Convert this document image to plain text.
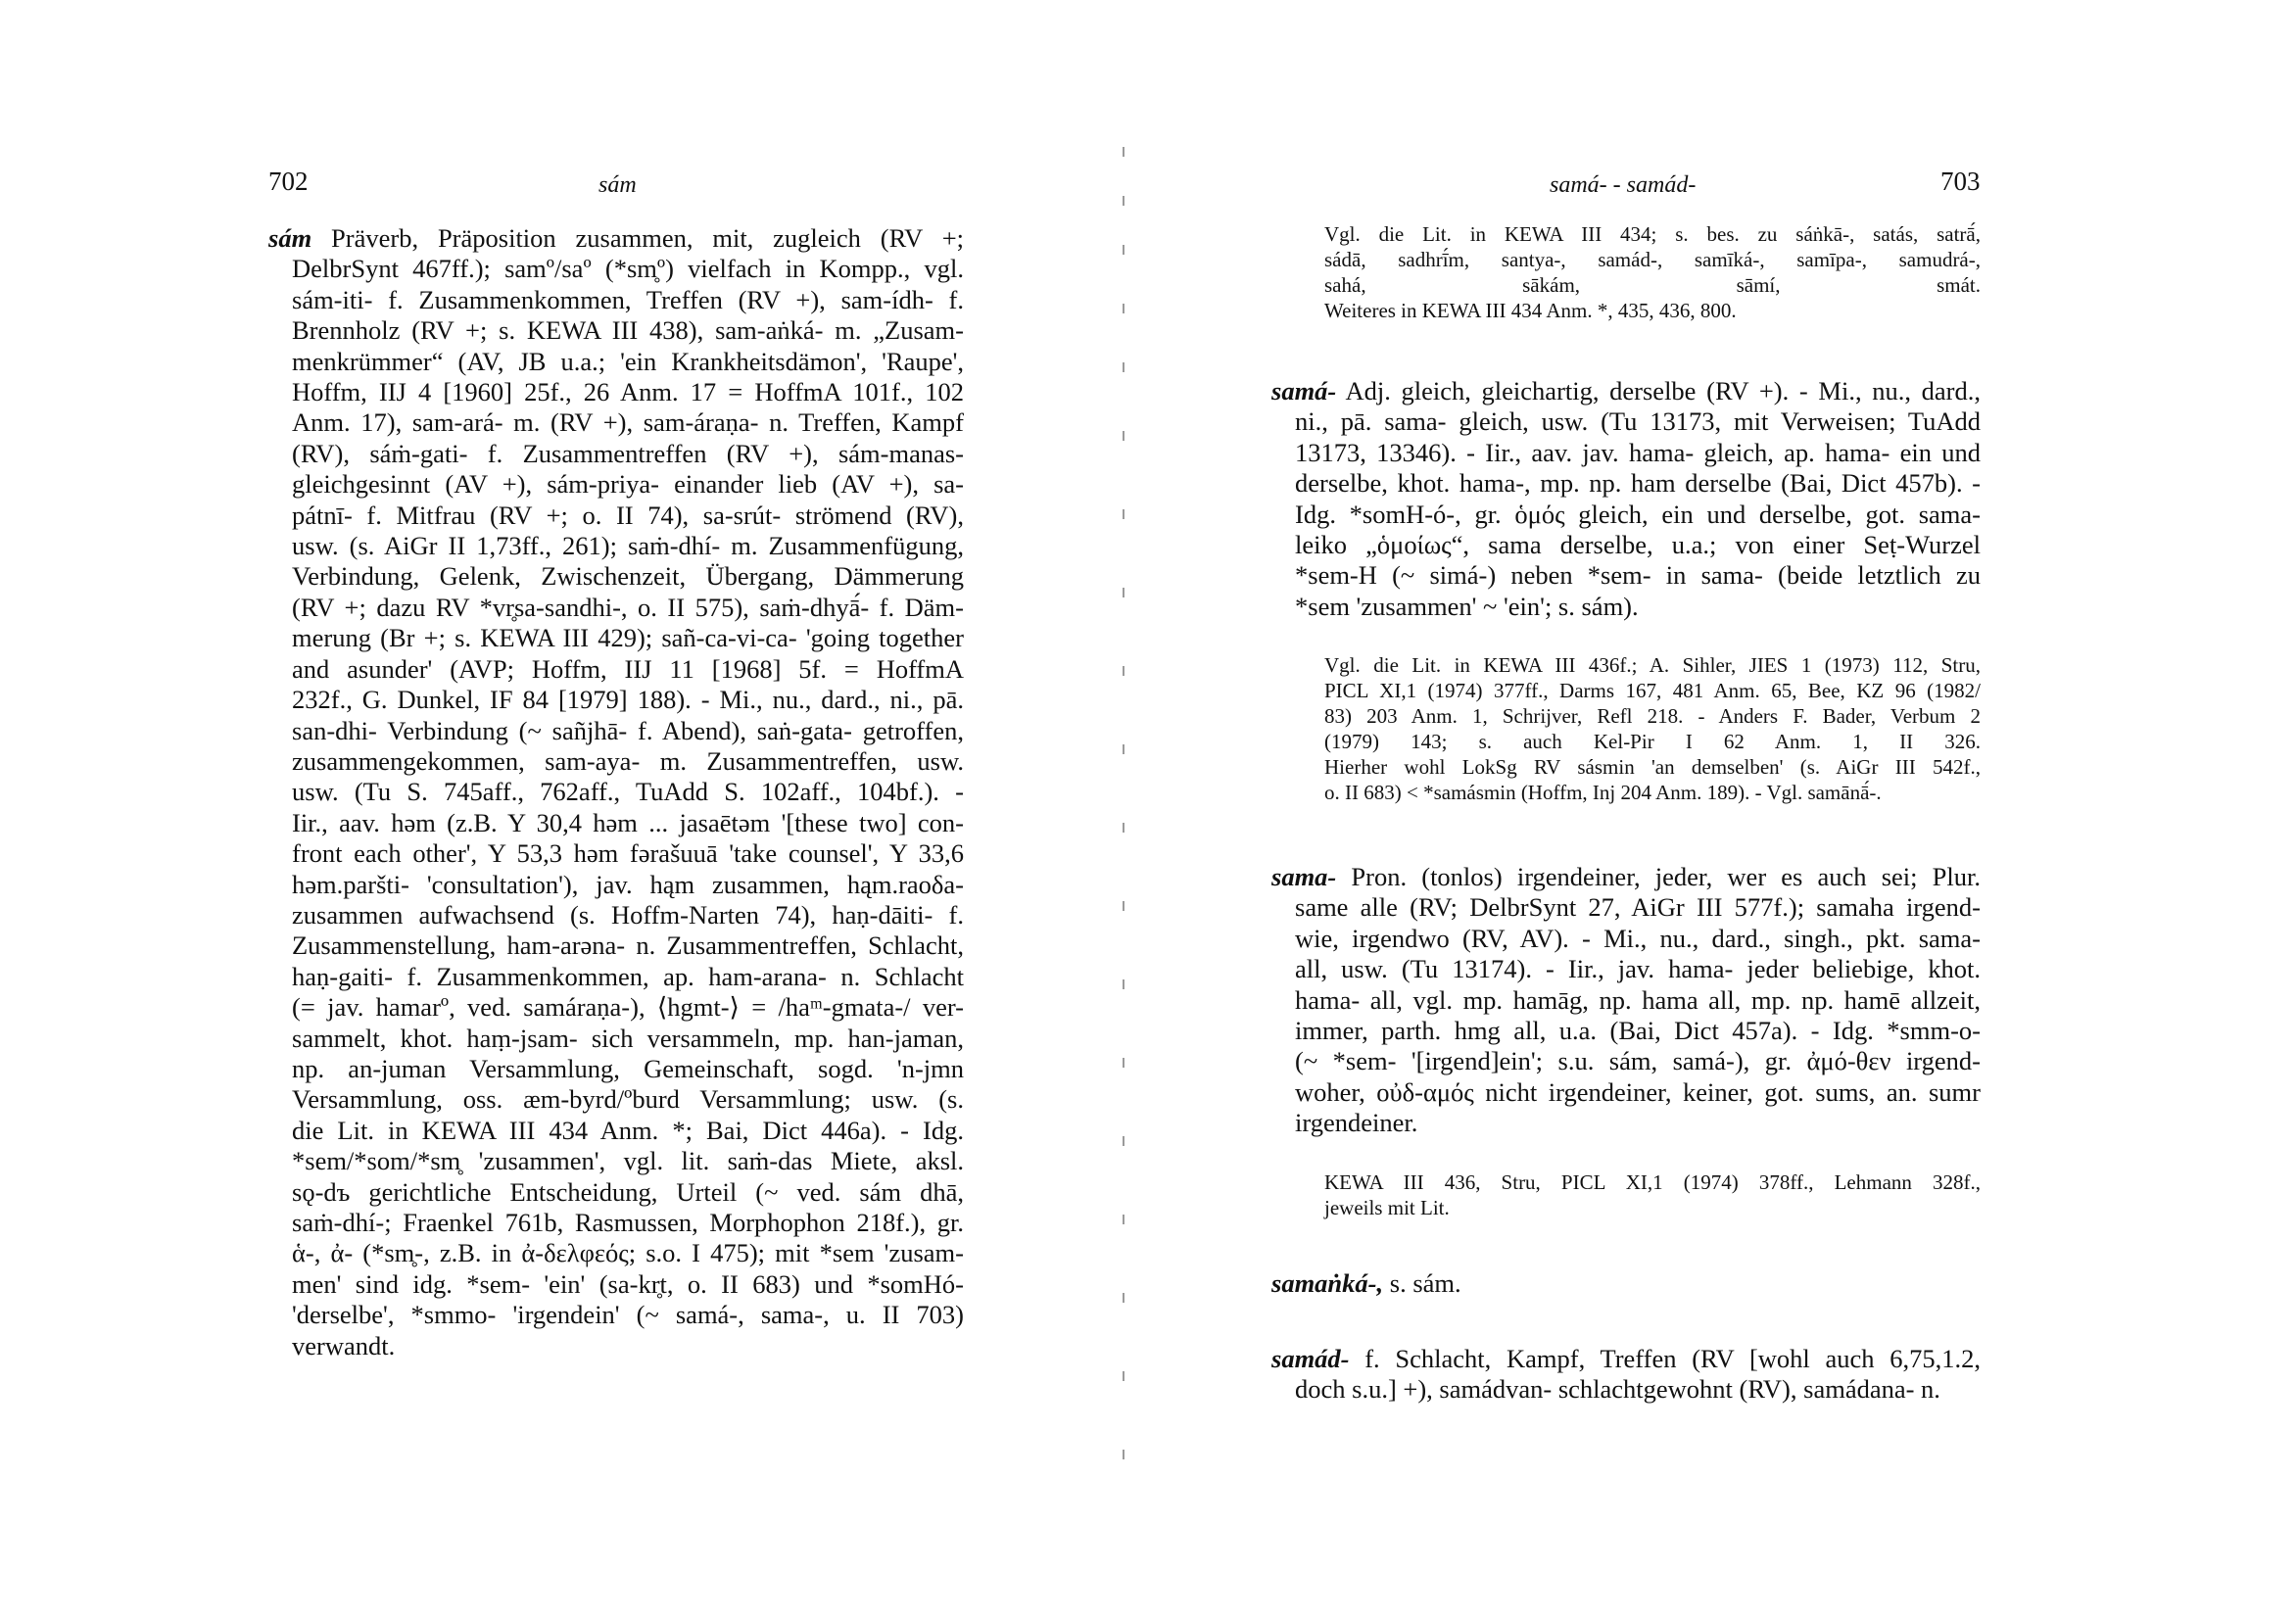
702	sám
sám Präverb, Präposition zusammen, mit, zugleich (RV +;
DelbrSynt 467ff.); samº/saº (*sm̥º) vielfach in Kompp., vgl.
sám-iti- f. Zusammenkommen, Treffen (RV +), sam-ídh- f.
Brennholz (RV +; s. KEWA III 438), sam-aṅká- m. „Zusam-
menkrümmer“ (AV, JB u.a.; 'ein Krankheitsdämon', 'Raupe',
Hoffm, IIJ 4 [1960] 25f., 26 Anm. 17 = HoffmA 101f., 102
Anm. 17), sam-ará- m. (RV +), sam-áraṇa- n. Treffen, Kampf
(RV), sáṁ-gati- f. Zusammentreffen (RV +), sám-manas-
gleichgesinnt (AV +), sám-priya- einander lieb (AV +), sa-
pátnī- f. Mitfrau (RV +; o. II 74), sa-srút- strömend (RV),
usw. (s. AiGr II 1,73ff., 261); saṁ-dhí- m. Zusammenfügung,
Verbindung, Gelenk, Zwischenzeit, Übergang, Dämmerung
(RV +; dazu RV *vr̥sa-sandhi-, o. II 575), saṁ-dhyā́- f. Däm-
merung (Br +; s. KEWA III 429); sañ-ca-vi-ca- 'going together
and asunder' (AVP; Hoffm, IIJ 11 [1968] 5f. = HoffmA
232f., G. Dunkel, IF 84 [1979] 188). - Mi., nu., dard., ni., pā.
san-dhi- Verbindung (~ sañjhā- f. Abend), saṅ-gata- getroffen,
zusammengekommen, sam-aya- m. Zusammentreffen, usw.
usw. (Tu S. 745aff., 762aff., TuAdd S. 102aff., 104bf.). -
Iir., aav. həm (z.B. Y 30,4 həm ... jasaētəm '[these two] con-
front each other', Y 53,3 həm fərašuuā 'take counsel', Y 33,6
həm.paršti- 'consultation'), jav. hąm zusammen, hąm.raoδa-
zusammen aufwachsend (s. Hoffm-Narten 74), haṇ-dāiti- f.
Zusammenstellung, ham-arəna- n. Zusammentreffen, Schlacht,
haṇ-gaiti- f. Zusammenkommen, ap. ham-arana- n. Schlacht
(= jav. hamarº, ved. samáraṇa-), ⟨hgmt-⟩ = /haᵐ-gmata-/ ver-
sammelt, khot. haṃ-jsam- sich versammeln, mp. han-jaman,
np. an-juman Versammlung, Gemeinschaft, sogd. 'n-jmn
Versammlung, oss. æm-byrd/ºburd Versammlung; usw. (s.
die Lit. in KEWA III 434 Anm. *; Bai, Dict 446a). - Idg.
*sem/*som/*sm̥ 'zusammen', vgl. lit. saṁ-das Miete, aksl.
sǫ-dъ gerichtliche Entscheidung, Urteil (~ ved. sám dhā,
saṁ-dhí-; Fraenkel 761b, Rasmussen, Morphophon 218f.), gr.
ἁ-, ἀ- (*sm̥-, z.B. in ἀ-δελφεός; s.o. I 475); mit *sem 'zusam-
men' sind idg. *sem- 'ein' (sa-kr̥t, o. II 683) und *somHó-
'derselbe', *smmo- 'irgendein' (~ samá-, sama-, u. II 703)
verwandt.
samá- - samád-	703
Vgl. die Lit. in KEWA III 434; s. bes. zu sáṅkā-, satás, satrā́,
sádā, sadhrī́m, santya-, samád-, samīká-, samīpa-, samudrá-,
sahá, sākám, sāmí, smát.
Weiteres in KEWA III 434 Anm. *, 435, 436, 800.
samá- Adj. gleich, gleichartig, derselbe (RV +). - Mi., nu., dard.,
ni., pā. sama- gleich, usw. (Tu 13173, mit Verweisen; TuAdd
13173, 13346). - Iir., aav. jav. hama- gleich, ap. hama- ein und
derselbe, khot. hama-, mp. np. ham derselbe (Bai, Dict 457b). -
Idg. *somH-ó-, gr. ὁμός gleich, ein und derselbe, got. sama-
leiko „ὁμοίως“, sama derselbe, u.a.; von einer Seṭ-Wurzel
*sem-H (~ simá-) neben *sem- in sama- (beide letztlich zu
*sem 'zusammen' ~ 'ein'; s. sám).
Vgl. die Lit. in KEWA III 436f.; A. Sihler, JIES 1 (1973) 112, Stru,
PICL XI,1 (1974) 377ff., Darms 167, 481 Anm. 65, Bee, KZ 96 (1982/
83) 203 Anm. 1, Schrijver, Refl 218. - Anders F. Bader, Verbum 2
(1979) 143; s. auch Kel-Pir I 62 Anm. 1, II 326.
Hierher wohl LokSg RV sásmin 'an demselben' (s. AiGr III 542f.,
o. II 683) < *samásmin (Hoffm, Inj 204 Anm. 189). - Vgl. samānā́-.
sama- Pron. (tonlos) irgendeiner, jeder, wer es auch sei; Plur.
same alle (RV; DelbrSynt 27, AiGr III 577f.); samaha irgend-
wie, irgendwo (RV, AV). - Mi., nu., dard., singh., pkt. sama-
all, usw. (Tu 13174). - Iir., jav. hama- jeder beliebige, khot.
hama- all, vgl. mp. hamāg, np. hama all, mp. np. hamē allzeit,
immer, parth. hmg all, u.a. (Bai, Dict 457a). - Idg. *smm-o-
(~ *sem- '[irgend]ein'; s.u. sám, samá-), gr. ἀμό-θεν irgend-
woher, οὐδ-αμός nicht irgendeiner, keiner, got. sums, an. sumr
irgendeiner.
KEWA III 436, Stru, PICL XI,1 (1974) 378ff., Lehmann 328f.,
jeweils mit Lit.
samaṅká-, s. sám.
samád- f. Schlacht, Kampf, Treffen (RV [wohl auch 6,75,1.2,
doch s.u.] +), samádvan- schlachtgewohnt (RV), samádana- n.
